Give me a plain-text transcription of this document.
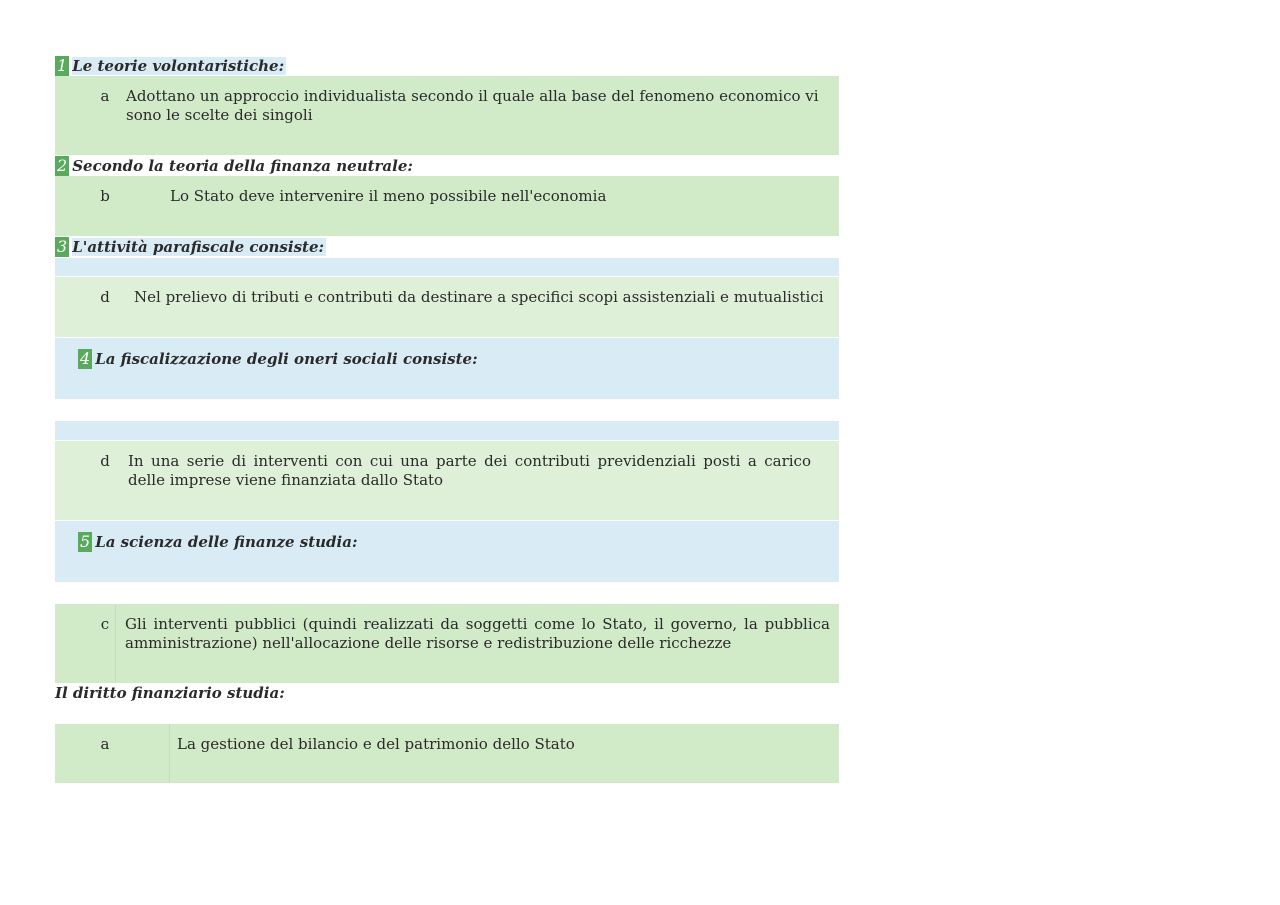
1 Le teorie volontaristiche:
a	Adottano un approccio individualista secondo il quale alla base del fenomeno economico vi sono le scelte dei singoli
2 Secondo la teoria della finanza neutrale:
b	Lo Stato deve intervenire il meno possibile nell'economia
3 L'attività parafiscale consiste:
d	Nel prelievo di tributi e contributi da destinare a specifici scopi assistenziali e mutualistici
4 La fiscalizzazione degli oneri sociali consiste:
d	In una serie di interventi con cui una parte dei contributi previdenziali posti a carico delle imprese viene finanziata dallo Stato
5 La scienza delle finanze studia:
c	Gli interventi pubblici (quindi realizzati da soggetti come lo Stato, il governo, la pubblica amministrazione) nell'allocazione delle risorse e redistribuzione delle ricchezze
Il diritto finanziario studia:
a	La gestione del bilancio e del patrimonio dello Stato
